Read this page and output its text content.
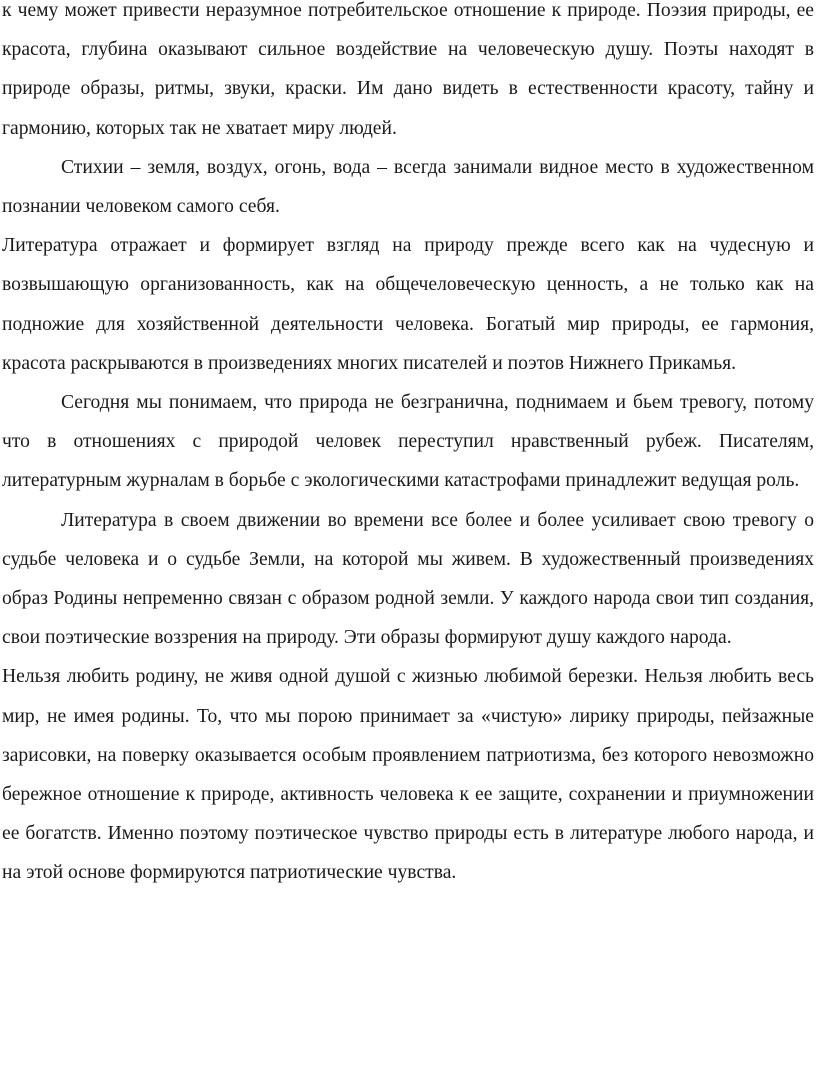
к чему может привести неразумное потребительское отношение к природе. Поэзия природы, ее красота, глубина оказывают сильное воздействие на человеческую душу. Поэты находят в природе образы, ритмы, звуки, краски. Им дано видеть в естественности красоту, тайну и гармонию, которых так не хватает миру людей.

Стихии – земля, воздух, огонь, вода – всегда занимали видное место в художественном познании человеком самого себя.

Литература отражает и формирует взгляд на природу прежде всего как на чудесную и возвышающую организованность, как на общечеловеческую ценность, а не только как на подножие для хозяйственной деятельности человека. Богатый мир природы, ее гармония, красота раскрываются в произведениях многих писателей и поэтов Нижнего Прикамья.

Сегодня мы понимаем, что природа не безгранична, поднимаем и бьем тревогу, потому что в отношениях с природой человек переступил нравственный рубеж. Писателям, литературным журналам в борьбе с экологическими катастрофами принадлежит ведущая роль.

Литература в своем движении во времени все более и более усиливает свою тревогу о судьбе человека и о судьбе Земли, на которой мы живем. В художественный произведениях образ Родины непременно связан с образом родной земли. У каждого народа свои тип создания, свои поэтические воззрения на природу. Эти образы формируют душу каждого народа.

Нельзя любить родину, не живя одной душой с жизнью любимой березки. Нельзя любить весь мир, не имея родины. То, что мы порою принимает за «чистую» лирику природы, пейзажные зарисовки, на поверку оказывается особым проявлением патриотизма, без которого невозможно бережное отношение к природе, активность человека к ее защите, сохранении и приумножении ее богатств. Именно поэтому поэтическое чувство природы есть в литературе любого народа, и на этой основе формируются патриотические чувства.
